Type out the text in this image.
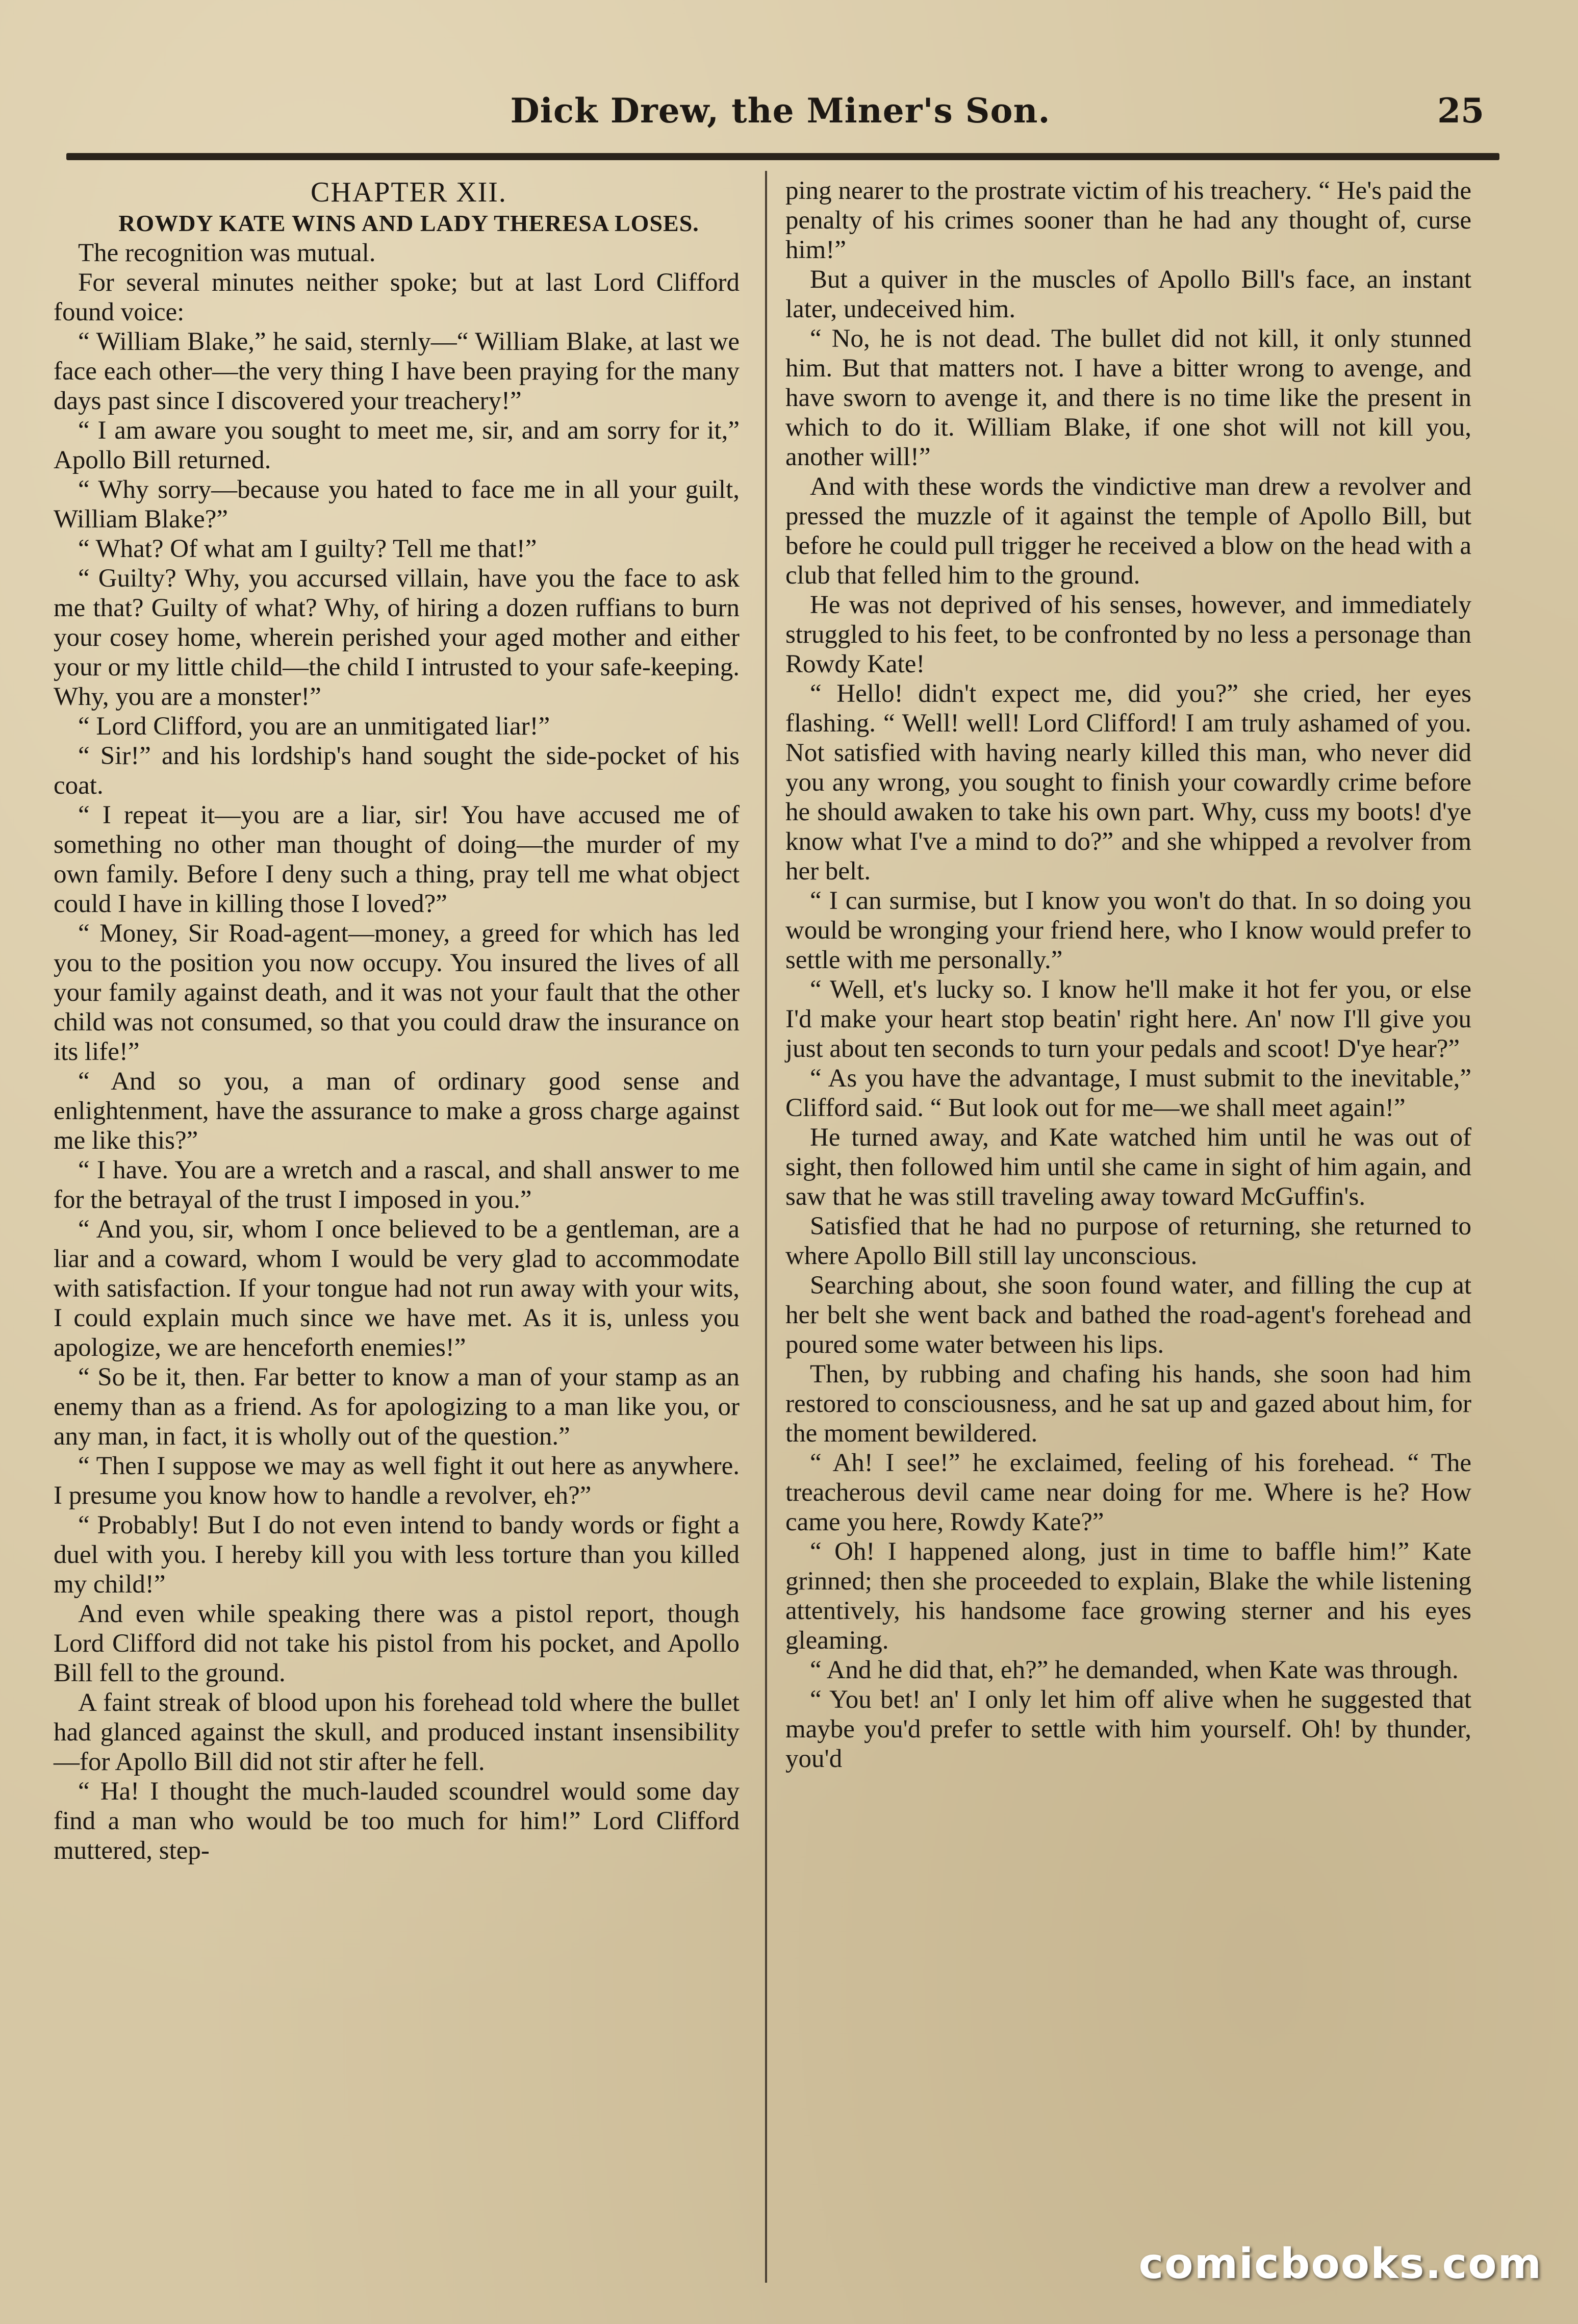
Dick Drew, the Miner's Son.	25

CHAPTER XII.

ROWDY KATE WINS AND LADY THERESA LOSES.

The recognition was mutual.

For several minutes neither spoke; but at last Lord Clifford found voice:

“ William Blake,” he said, sternly—“ William Blake, at last we face each other—the very thing I have been praying for the many days past since I discovered your treachery!”

“ I am aware you sought to meet me, sir, and am sorry for it,” Apollo Bill returned.

“ Why sorry—because you hated to face me in all your guilt, William Blake?”

“ What? Of what am I guilty? Tell me that!”

“ Guilty? Why, you accursed villain, have you the face to ask me that? Guilty of what? Why, of hiring a dozen ruffians to burn your cosey home, wherein perished your aged mother and either your or my little child—the child I intrusted to your safe-keeping. Why, you are a monster!”

“ Lord Clifford, you are an unmitigated liar!”

“ Sir!” and his lordship's hand sought the side-pocket of his coat.

“ I repeat it—you are a liar, sir! You have accused me of something no other man thought of doing—the murder of my own family. Before I deny such a thing, pray tell me what object could I have in killing those I loved?”

“ Money, Sir Road-agent—money, a greed for which has led you to the position you now occupy. You insured the lives of all your family against death, and it was not your fault that the other child was not consumed, so that you could draw the insurance on its life!”

“ And so you, a man of ordinary good sense and enlightenment, have the assurance to make a gross charge against me like this?”

“ I have. You are a wretch and a rascal, and shall answer to me for the betrayal of the trust I imposed in you.”

“ And you, sir, whom I once believed to be a gentleman, are a liar and a coward, whom I would be very glad to accommodate with satisfaction. If your tongue had not run away with your wits, I could explain much since we have met. As it is, unless you apologize, we are henceforth enemies!”

“ So be it, then. Far better to know a man of your stamp as an enemy than as a friend. As for apologizing to a man like you, or any man, in fact, it is wholly out of the question.”

“ Then I suppose we may as well fight it out here as anywhere. I presume you know how to handle a revolver, eh?”

“ Probably! But I do not even intend to bandy words or fight a duel with you. I hereby kill you with less torture than you killed my child!”

And even while speaking there was a pistol report, though Lord Clifford did not take his pistol from his pocket, and Apollo Bill fell to the ground.

A faint streak of blood upon his forehead told where the bullet had glanced against the skull, and produced instant insensibility—for Apollo Bill did not stir after he fell.

“ Ha! I thought the much-lauded scoundrel would some day find a man who would be too much for him!” Lord Clifford muttered, step-

ping nearer to the prostrate victim of his treachery. “ He's paid the penalty of his crimes sooner than he had any thought of, curse him!”

But a quiver in the muscles of Apollo Bill's face, an instant later, undeceived him.

“ No, he is not dead. The bullet did not kill, it only stunned him. But that matters not. I have a bitter wrong to avenge, and have sworn to avenge it, and there is no time like the present in which to do it. William Blake, if one shot will not kill you, another will!”

And with these words the vindictive man drew a revolver and pressed the muzzle of it against the temple of Apollo Bill, but before he could pull trigger he received a blow on the head with a club that felled him to the ground.

He was not deprived of his senses, however, and immediately struggled to his feet, to be confronted by no less a personage than Rowdy Kate!

“ Hello! didn't expect me, did you?” she cried, her eyes flashing. “ Well! well! Lord Clifford! I am truly ashamed of you. Not satisfied with having nearly killed this man, who never did you any wrong, you sought to finish your cowardly crime before he should awaken to take his own part. Why, cuss my boots! d'ye know what I've a mind to do?” and she whipped a revolver from her belt.

“ I can surmise, but I know you won't do that. In so doing you would be wronging your friend here, who I know would prefer to settle with me personally.”

“ Well, et's lucky so. I know he'll make it hot fer you, or else I'd make your heart stop beatin' right here. An' now I'll give you just about ten seconds to turn your pedals and scoot! D'ye hear?”

“ As you have the advantage, I must submit to the inevitable,” Clifford said. “ But look out for me—we shall meet again!”

He turned away, and Kate watched him until he was out of sight, then followed him until she came in sight of him again, and saw that he was still traveling away toward McGuffin's.

Satisfied that he had no purpose of returning, she returned to where Apollo Bill still lay unconscious.

Searching about, she soon found water, and filling the cup at her belt she went back and bathed the road-agent's forehead and poured some water between his lips.

Then, by rubbing and chafing his hands, she soon had him restored to consciousness, and he sat up and gazed about him, for the moment bewildered.

“ Ah! I see!” he exclaimed, feeling of his forehead. “ The treacherous devil came near doing for me. Where is he? How came you here, Rowdy Kate?”

“ Oh! I happened along, just in time to baffle him!” Kate grinned; then she proceeded to explain, Blake the while listening attentively, his handsome face growing sterner and his eyes gleaming.

“ And he did that, eh?” he demanded, when Kate was through.

“ You bet! an' I only let him off alive when he suggested that maybe you'd prefer to settle with him yourself. Oh! by thunder, you'd

comicbooks.com
